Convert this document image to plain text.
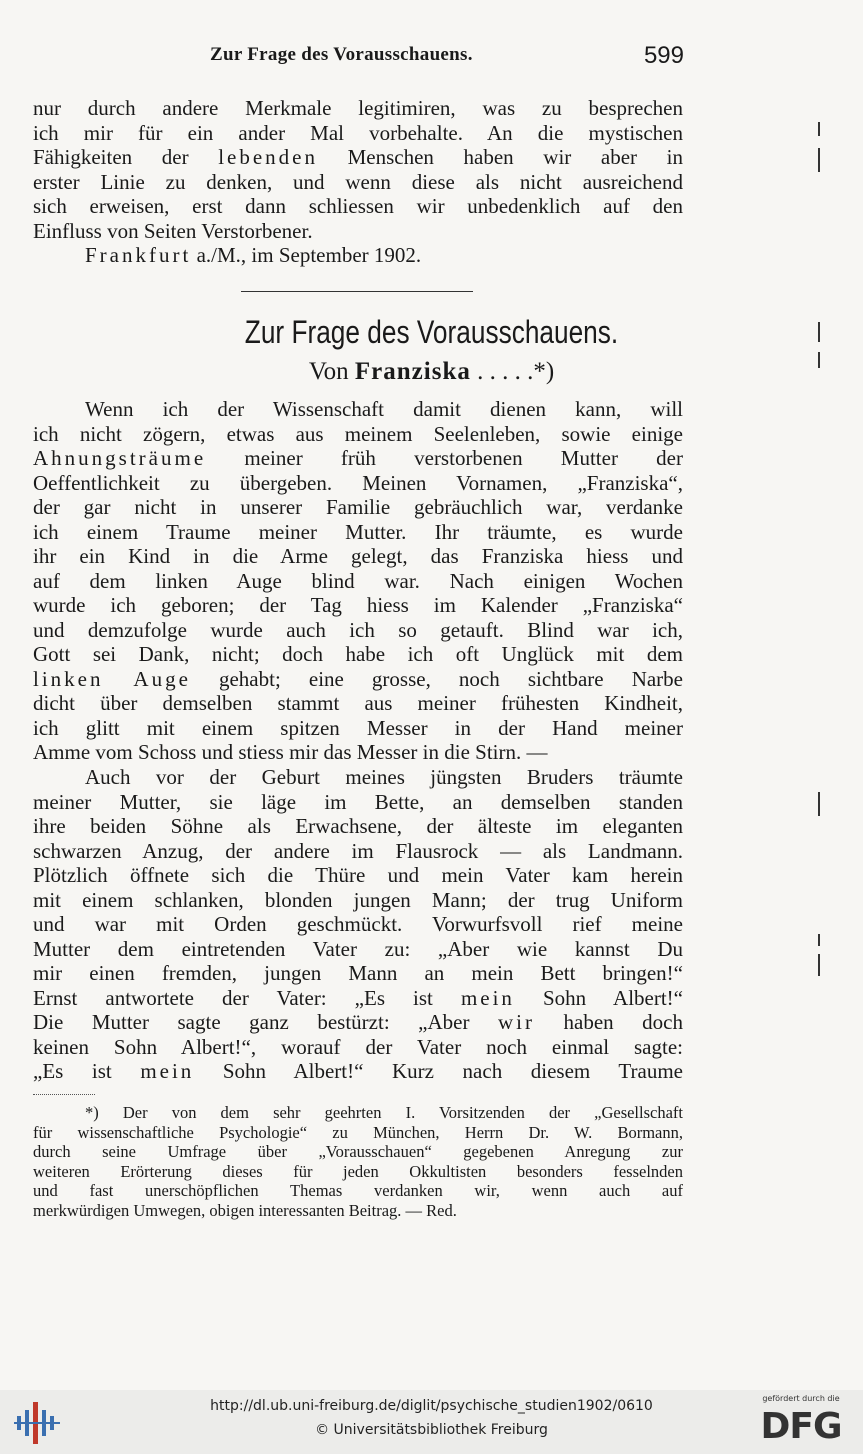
Zur Frage des Vorausschauens.	599
nur durch andere Merkmale legitimiren, was zu besprechen
ich mir für ein ander Mal vorbehalte. An die mystischen
Fähigkeiten der lebenden Menschen haben wir aber in
erster Linie zu denken, und wenn diese als nicht ausreichend
sich erweisen, erst dann schliessen wir unbedenklich auf den
Einfluss von Seiten Verstorbener.
Frankfurt a./M., im September 1902.
Zur Frage des Vorausschauens.
Von Franziska . . . . .*)
Wenn ich der Wissenschaft damit dienen kann, will
ich nicht zögern, etwas aus meinem Seelenleben, sowie einige
Ahnungsträume meiner früh verstorbenen Mutter der
Oeffentlichkeit zu übergeben. Meinen Vornamen, „Franziska“,
der gar nicht in unserer Familie gebräuchlich war, verdanke
ich einem Traume meiner Mutter. Ihr träumte, es wurde
ihr ein Kind in die Arme gelegt, das Franziska hiess und
auf dem linken Auge blind war. Nach einigen Wochen
wurde ich geboren; der Tag hiess im Kalender „Franziska“
und demzufolge wurde auch ich so getauft. Blind war ich,
Gott sei Dank, nicht; doch habe ich oft Unglück mit dem
linken Auge gehabt; eine grosse, noch sichtbare Narbe
dicht über demselben stammt aus meiner frühesten Kindheit,
ich glitt mit einem spitzen Messer in der Hand meiner
Amme vom Schoss und stiess mir das Messer in die Stirn. —
Auch vor der Geburt meines jüngsten Bruders träumte
meiner Mutter, sie läge im Bette, an demselben standen
ihre beiden Söhne als Erwachsene, der älteste im eleganten
schwarzen Anzug, der andere im Flausrock — als Landmann.
Plötzlich öffnete sich die Thüre und mein Vater kam herein
mit einem schlanken, blonden jungen Mann; der trug Uniform
und war mit Orden geschmückt. Vorwurfsvoll rief meine
Mutter dem eintretenden Vater zu: „Aber wie kannst Du
mir einen fremden, jungen Mann an mein Bett bringen!“
Ernst antwortete der Vater: „Es ist mein Sohn Albert!“
Die Mutter sagte ganz bestürzt: „Aber wir haben doch
keinen Sohn Albert!“, worauf der Vater noch einmal sagte:
„Es ist mein Sohn Albert!“ Kurz nach diesem Traume
*) Der von dem sehr geehrten I. Vorsitzenden der „Gesellschaft
für wissenschaftliche Psychologie“ zu München, Herrn Dr. W. Bormann,
durch seine Umfrage über „Vorausschauen“ gegebenen Anregung zur
weiteren Erörterung dieses für jeden Okkultisten besonders fesselnden
und fast unerschöpflichen Themas verdanken wir, wenn auch auf
merkwürdigen Umwegen, obigen interessanten Beitrag. — Red.
http://dl.ub.uni-freiburg.de/diglit/psychische_studien1902/0610
© Universitätsbibliothek Freiburg
gefördert durch die
DFG
